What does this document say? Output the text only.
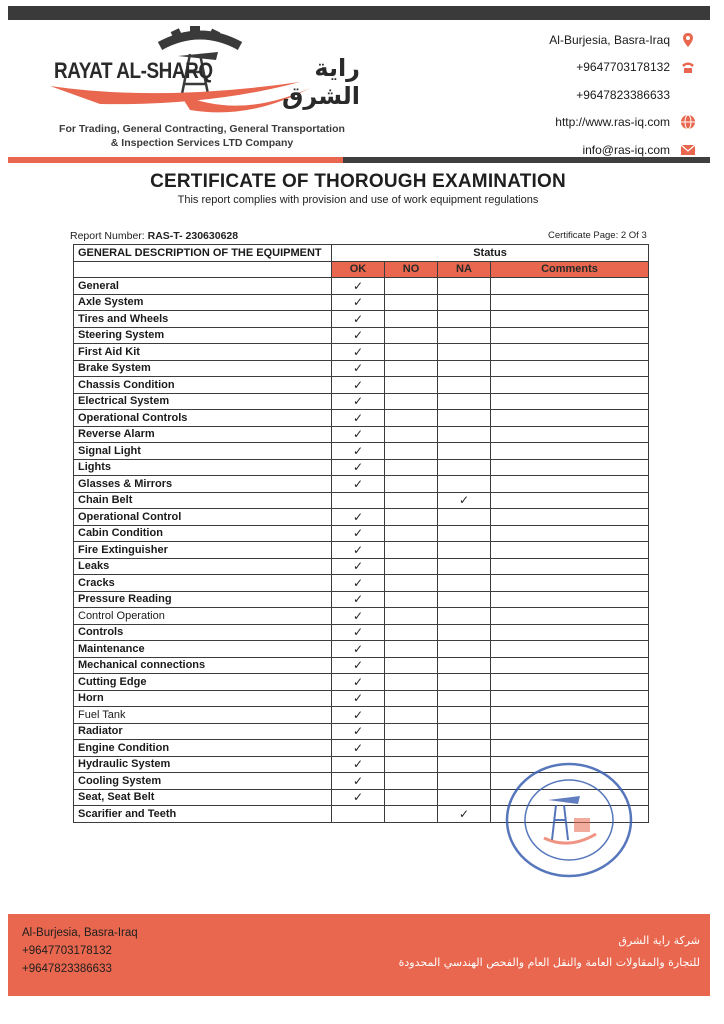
RAYAT AL-SHARQ	راية الشرق
For Trading, General Contracting, General Transportation
& Inspection Services LTD Company
Al-Burjesia, Basra-Iraq
+9647703178132
+9647823386633
http://www.ras-iq.com
info@ras-iq.com
CERTIFICATE OF THOROUGH EXAMINATION
This report complies with provision and use of work equipment regulations
Report Number: RAS-T- 230630628	Certificate Page: 2 Of 3
GENERAL DESCRIPTION OF THE EQUIPMENT	Status			
	OK	NO	NA	Comments
General	✓			
Axle System	✓			
Tires and Wheels	✓			
Steering System	✓			
First Aid Kit	✓			
Brake System	✓			
Chassis Condition	✓			
Electrical System	✓			
Operational Controls	✓			
Reverse Alarm	✓			
Signal Light	✓			
Lights	✓			
Glasses & Mirrors	✓			
Chain Belt			✓	
Operational Control	✓			
Cabin Condition	✓			
Fire Extinguisher	✓			
Leaks	✓			
Cracks	✓			
Pressure Reading	✓			
Control Operation	✓			
Controls	✓			
Maintenance	✓			
Mechanical connections	✓			
Cutting Edge	✓			
Horn	✓			
Fuel Tank	✓			
Radiator	✓			
Engine Condition	✓			
Hydraulic System	✓			
Cooling System	✓			
Seat, Seat Belt	✓			
Scarifier and Teeth			✓	
Al-Burjesia, Basra-Iraq
+9647703178132
+9647823386633
شركة راية الشرق
للتجارة والمقاولات العامة والنقل العام والفحص الهندسي المحدودة
